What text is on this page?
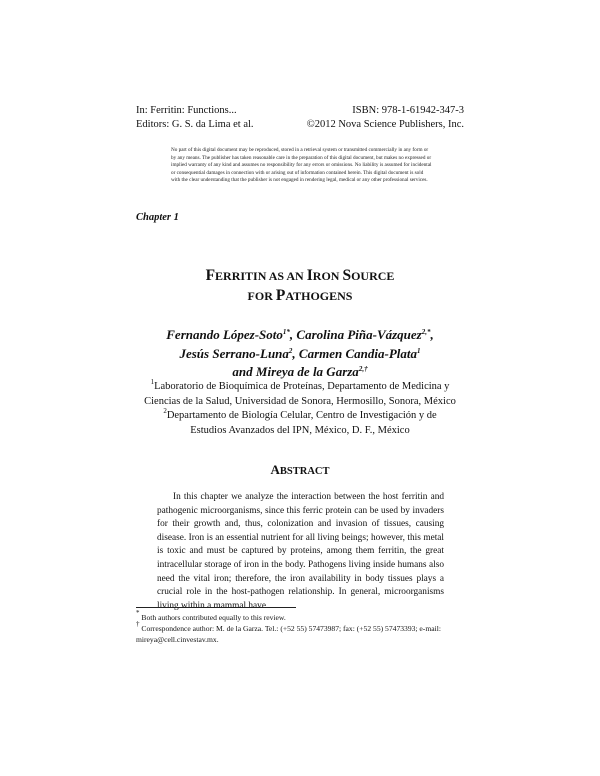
In: Ferritin: Functions...
Editors: G. S. da Lima et al.
ISBN: 978-1-61942-347-3
©2012 Nova Science Publishers, Inc.
No part of this digital document may be reproduced, stored in a retrieval system or transmitted commercially in any form or by any means. The publisher has taken reasonable care in the preparation of this digital document, but makes no expressed or implied warranty of any kind and assumes no responsibility for any errors or omissions. No liability is assumed for incidental or consequential damages in connection with or arising out of information contained herein. This digital document is sold with the clear understanding that the publisher is not engaged in rendering legal, medical or any other professional services.
Chapter 1
FERRITIN AS AN IRON SOURCE
FOR PATHOGENS
Fernando López-Soto$^{1*}$, Carolina Piña-Vázquez$^{2,*}$,
Jesús Serrano-Luna$^2$, Carmen Candia-Plata$^1$
and Mireya de la Garza$^{2,\dagger}$
$^1$Laboratorio de Bioquímica de Proteínas, Departamento de Medicina y
Ciencias de la Salud, Universidad de Sonora, Hermosillo, Sonora, México
$^2$Departamento de Biología Celular, Centro de Investigación y de
Estudios Avanzados del IPN, México, D. F., México
ABSTRACT

In this chapter we analyze the interaction between the host ferritin and pathogenic microorganisms, since this ferric protein can be used by invaders for their growth and, thus, colonization and invasion of tissues, causing disease. Iron is an essential nutrient for all living beings; however, this metal is toxic and must be captured by proteins, among them ferritin, the great intracellular storage of iron in the body. Pathogens living inside humans also need the vital iron; therefore, the iron availability in body tissues plays a crucial role in the host-pathogen relationship. In general, microorganisms living within a mammal have

* Both authors contributed equally to this review.
† Correspondence author: M. de la Garza. Tel.: (+52 55) 57473987; fax: (+52 55) 57473393; e-mail: mireya@cell.cinvestav.mx.
